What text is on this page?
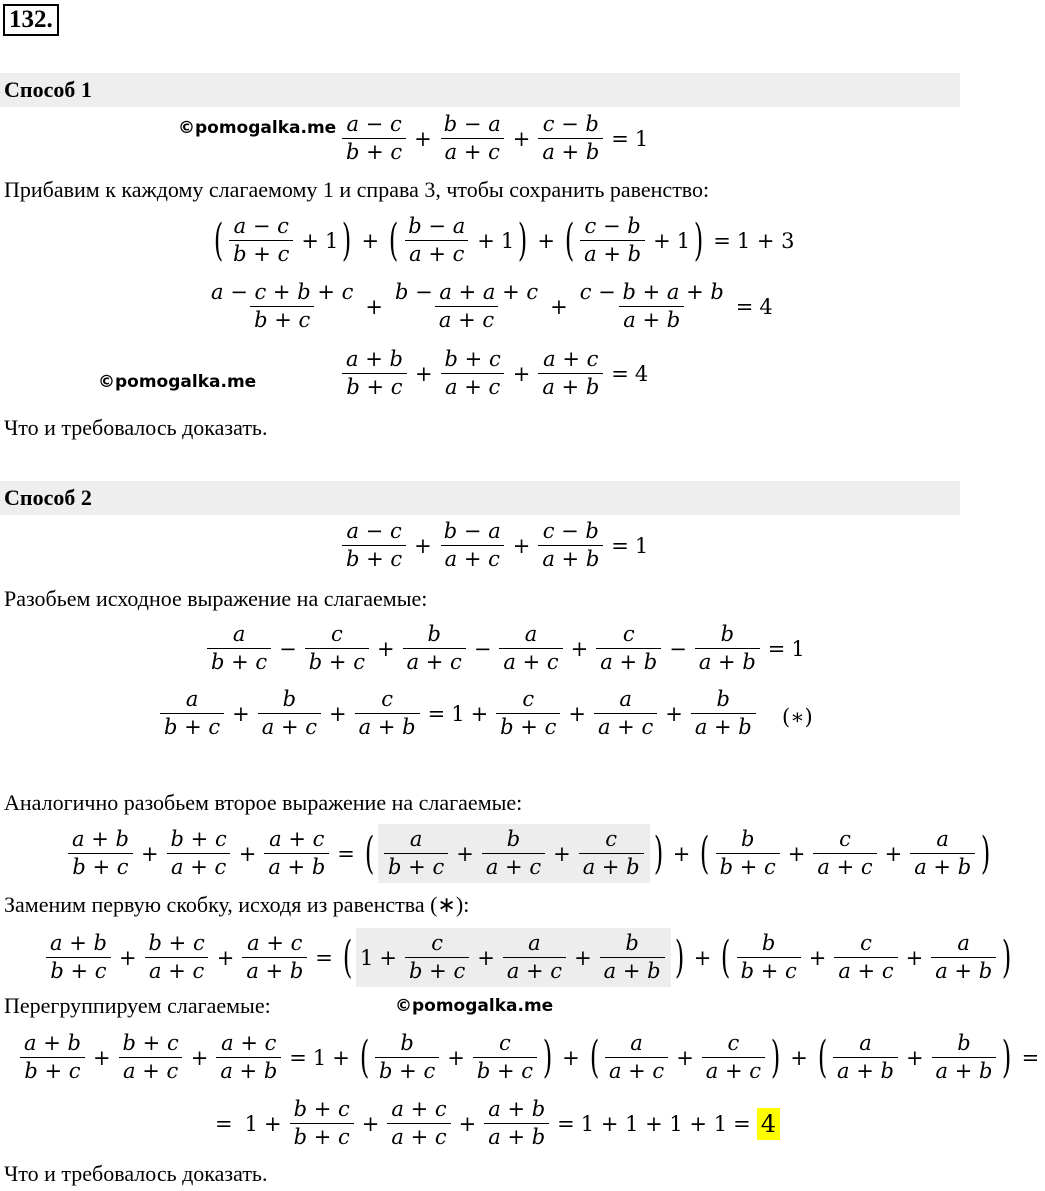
132.
Способ 1
©pomogalka.me $\frac{a - c}{b + c} + \frac{b - a}{a + c} + \frac{c - b}{a + b} = 1$
Прибавим к каждому слагаемому 1 и справа 3, чтобы сохранить равенство:
( $\frac{a - c}{b + c} + 1$ ) + ( $\frac{b - a}{a + c} + 1$ ) + ( $\frac{c - b}{a + b} + 1$ ) = 1 + 3
$\frac{a - c + b + c}{b + c} + \frac{b - a + a + c}{a + c} + \frac{c - b + a + b}{a + b} = 4$
©pomogalka.me	$\frac{a + b}{b + c} + \frac{b + c}{a + c} + \frac{a + c}{a + b} = 4$
Что и требовалось доказать.
Способ 2
$\frac{a - c}{b + c} + \frac{b - a}{a + c} + \frac{c - b}{a + b} = 1$
Разобьем исходное выражение на слагаемые:
$\frac{a}{b + c} - \frac{c}{b + c} + \frac{b}{a + c} - \frac{a}{a + c} + \frac{c}{a + b} - \frac{b}{a + b} = 1$
$\frac{a}{b + c} + \frac{b}{a + c} + \frac{c}{a + b} = 1 + \frac{c}{b + c} + \frac{a}{a + c} + \frac{b}{a + b}$ (∗)
Аналогично разобьем второе выражение на слагаемые:
$\frac{a + b}{b + c} + \frac{b + c}{a + c} + \frac{a + c}{a + b}$ = ( $\frac{a}{b + c} + \frac{b}{a + c} + \frac{c}{a + b}$ ) + ( $\frac{b}{b + c} + \frac{c}{a + c} + \frac{a}{a + b}$ )
Заменим первую скобку, исходя из равенства (∗):
$\frac{a + b}{b + c} + \frac{b + c}{a + c} + \frac{a + c}{a + b}$ = ( $1 + \frac{c}{b + c} + \frac{a}{a + c} + \frac{b}{a + b}$ ) + ( $\frac{b}{b + c} + \frac{c}{a + c} + \frac{a}{a + b}$ )
Перегруппируем слагаемые:	©pomogalka.me
$\frac{a + b}{b + c} + \frac{b + c}{a + c} + \frac{a + c}{a + b} = 1$ + ( $\frac{b}{b + c} + \frac{c}{b + c}$ ) + ( $\frac{a}{a + c} + \frac{c}{a + c}$ ) + ( $\frac{a}{a + b} + \frac{b}{a + b}$ ) =
= $1 + \frac{b + c}{b + c} + \frac{a + c}{a + c} + \frac{a + b}{a + b} = 1 + 1 + 1 + 1 = 4$
Что и требовалось доказать.
